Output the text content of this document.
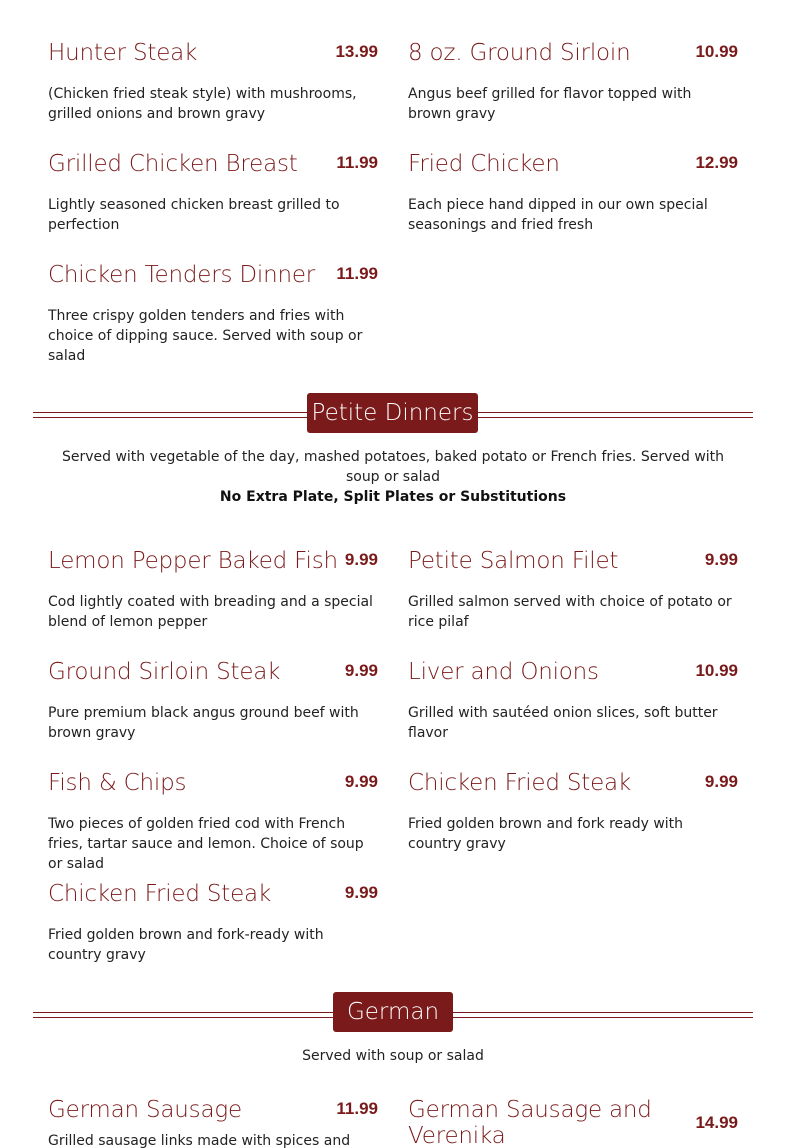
Hunter Steak	13.99
(Chicken fried steak style) with mushrooms, grilled onions and brown gravy
8 oz. Ground Sirloin	10.99
Angus beef grilled for flavor topped with brown gravy
Grilled Chicken Breast	11.99
Lightly seasoned chicken breast grilled to perfection
Fried Chicken	12.99
Each piece hand dipped in our own special seasonings and fried fresh
Chicken Tenders Dinner	11.99
Three crispy golden tenders and fries with choice of dipping sauce. Served with soup or salad
Petite Dinners
Served with vegetable of the day, mashed potatoes, baked potato or French fries. Served with soup or salad
No Extra Plate, Split Plates or Substitutions
Lemon Pepper Baked Fish 9.99
Cod lightly coated with breading and a special blend of lemon pepper
Petite Salmon Filet	9.99
Grilled salmon served with choice of potato or rice pilaf
Ground Sirloin Steak	9.99
Pure premium black angus ground beef with brown gravy
Liver and Onions	10.99
Grilled with sautéed onion slices, soft butter flavor
Fish & Chips	9.99
Two pieces of golden fried cod with French fries, tartar sauce and lemon. Choice of soup or salad
Chicken Fried Steak	9.99
Fried golden brown and fork ready with country gravy
Chicken Fried Steak	9.99
Fried golden brown and fork-ready with country gravy
German
Served with soup or salad
German Sausage	11.99
Grilled sausage links made with spices and
German Sausage and Verenika
14.99
